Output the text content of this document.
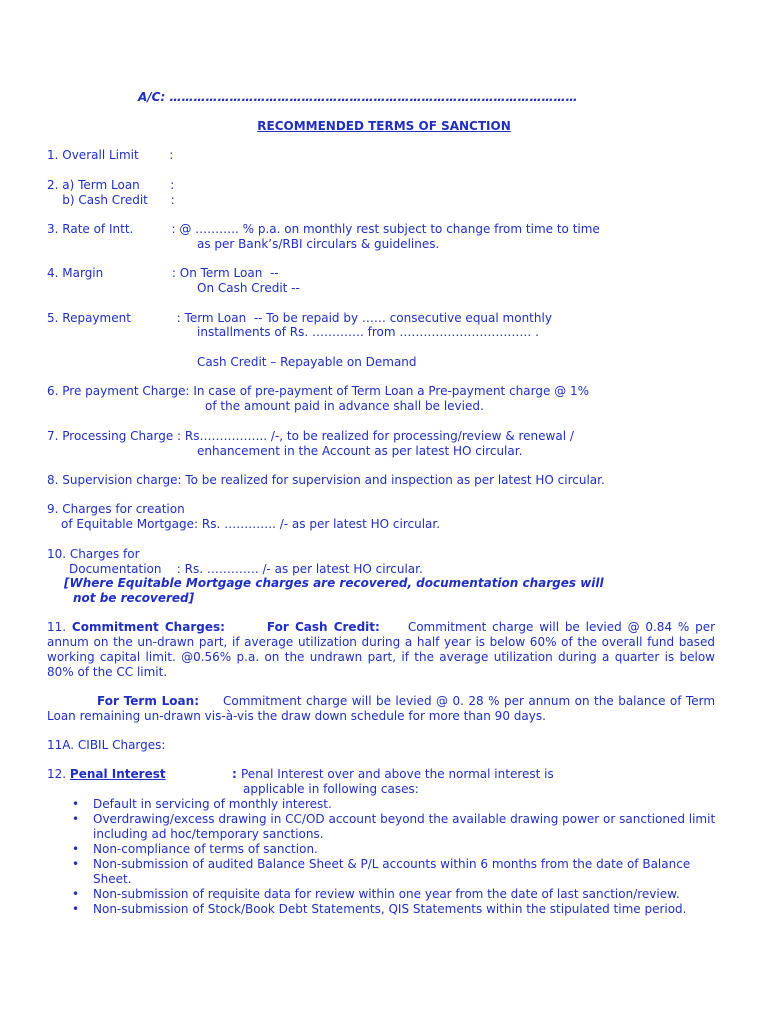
A/C: …………………………………………………………………………………………
RECOMMENDED TERMS OF SANCTION
1. Overall Limit        :
2. a) Term Loan        :
b) Cash Credit      :
3. Rate of Intt.          : @ ……….. % p.a. on monthly rest subject to change from time to time
as per Bank’s/RBI circulars & guidelines.
4. Margin                  : On Term Loan  --
On Cash Credit --
5. Repayment            : Term Loan  -- To be repaid by …… consecutive equal monthly
installments of Rs. …………. from …………………………… .
Cash Credit – Repayable on Demand
6. Pre payment Charge: In case of pre-payment of Term Loan a Pre-payment charge @ 1%
of the amount paid in advance shall be levied.
7. Processing Charge : Rs…………….. /-, to be realized for processing/review & renewal /
enhancement in the Account as per latest HO circular.
8. Supervision charge: To be realized for supervision and inspection as per latest HO circular.
9. Charges for creation
of Equitable Mortgage: Rs. …………. /- as per latest HO circular.
10. Charges for
Documentation    : Rs. …………. /- as per latest HO circular.
[Where Equitable Mortgage charges are recovered, documentation charges will
not be recovered]
11. Commitment Charges:	For Cash Credit: Commitment charge will be levied @ 0.84 % per annum on the un-drawn part, if average utilization during a half year is below 60% of the overall fund based working capital limit. @0.56% p.a. on the undrawn part, if the average utilization during a quarter is below 80% of the CC limit.
For Term Loan: Commitment charge will be levied @ 0. 28 % per annum on the balance of Term Loan remaining un-drawn vis-à-vis the draw down schedule for more than 90 days.
11A. CIBIL Charges:
12. Penal Interest	: Penal Interest over and above the normal interest is
applicable in following cases:
• Default in servicing of monthly interest.
• Overdrawing/excess drawing in CC/OD account beyond the available drawing power or sanctioned limit including ad hoc/temporary sanctions.
• Non-compliance of terms of sanction.
• Non-submission of audited Balance Sheet & P/L accounts within 6 months from the date of Balance Sheet.
• Non-submission of requisite data for review within one year from the date of last sanction/review.
• Non-submission of Stock/Book Debt Statements, QIS Statements within the stipulated time period.
